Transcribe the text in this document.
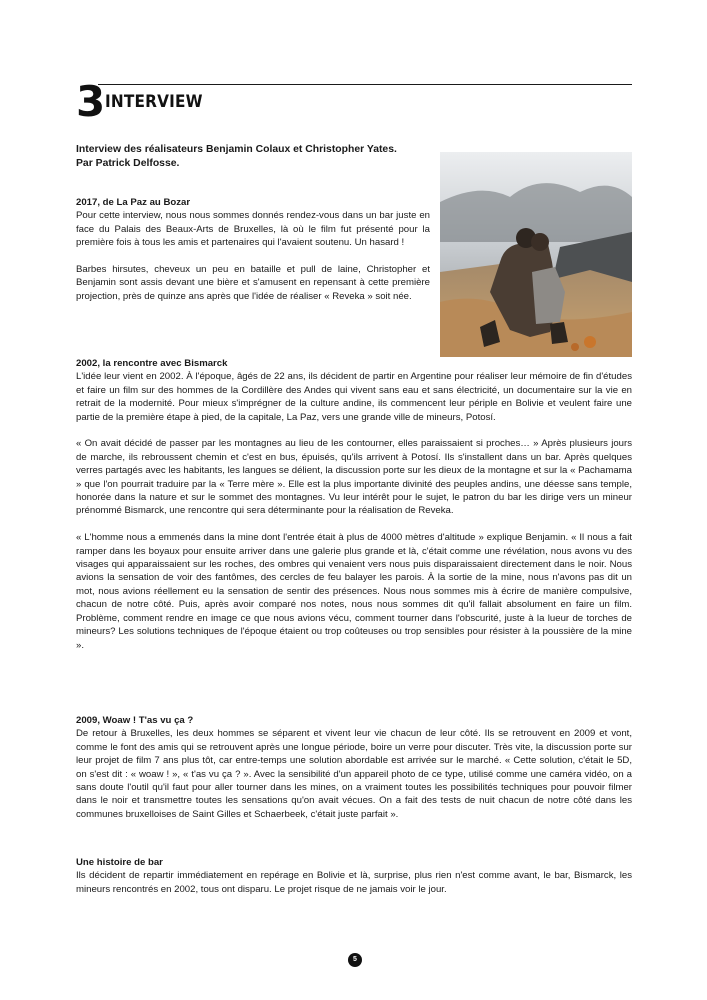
3 INTERVIEW
Interview des réalisateurs Benjamin Colaux et Christopher Yates.
Par Patrick Delfosse.
2017, de La Paz au Bozar

Pour cette interview, nous nous sommes donnés rendez-vous dans un bar juste en face du Palais des Beaux-Arts de Bruxelles, là où le film fut présenté pour la première fois à tous les amis et partenaires qui l'avaient soutenu. Un hasard !

Barbes hirsutes, cheveux un peu en bataille et pull de laine, Christopher et Benjamin sont assis devant une bière et s'amusent en repensant à cette première projection, près de quinze ans après que l'idée de réaliser « Reveka » soit née.

2002, la rencontre avec Bismarck

L'idée leur vient en 2002. À l'époque, âgés de 22 ans, ils décident de partir en Argentine pour réaliser leur mémoire de fin d'études et faire un film sur des hommes de la Cordillère des Andes qui vivent sans eau et sans électricité, un documentaire sur la vie en retrait de la modernité. Pour mieux s'imprégner de la culture andine, ils commencent leur périple en Bolivie et veulent faire une partie de la première étape à pied, de la capitale, La Paz, vers une grande ville de mineurs, Potosí.

« On avait décidé de passer par les montagnes au lieu de les contourner, elles paraissaient si proches… » Après plusieurs jours de marche, ils rebroussent chemin et c'est en bus, épuisés, qu'ils arrivent à Potosí. Ils s'installent dans un bar. Après quelques verres partagés avec les habitants, les langues se délient, la discussion porte sur les dieux de la montagne et sur la « Pachamama » que l'on pourrait traduire par la « Terre mère ». Elle est la plus importante divinité des peuples andins, une déesse sans temple, honorée dans la nature et sur le sommet des montagnes. Vu leur intérêt pour le sujet, le patron du bar les dirige vers un mineur prénommé Bismarck, une rencontre qui sera déterminante pour la réalisation de Reveka.

« L'homme nous a emmenés dans la mine dont l'entrée était à plus de 4000 mètres d'altitude » explique Benjamin. « Il nous a fait ramper dans les boyaux pour ensuite arriver dans une galerie plus grande et là, c'était comme une révélation, nous avons vu des visages qui apparaissaient sur les roches, des ombres qui venaient vers nous puis disparaissaient directement dans le noir. Nous avions la sensation de voir des fantômes, des cercles de feu balayer les parois. À la sortie de la mine, nous n'avons pas dit un mot, nous avions réellement eu la sensation de sentir des présences. Nous nous sommes mis à écrire de manière compulsive, chacun de notre côté. Puis, après avoir comparé nos notes, nous nous sommes dit qu'il fallait absolument en faire un film. Problème, comment rendre en image ce que nous avions vécu, comment tourner dans l'obscurité, juste à la lueur de torches de mineurs? Les solutions techniques de l'époque étaient ou trop coûteuses ou trop sensibles pour résister à la poussière de la mine ».

2009, Woaw ! T'as vu ça ?

De retour à Bruxelles, les deux hommes se séparent et vivent leur vie chacun de leur côté. Ils se retrouvent en 2009 et vont, comme le font des amis qui se retrouvent après une longue période, boire un verre pour discuter. Très vite, la discussion porte sur leur projet de film 7 ans plus tôt, car entre-temps une solution abordable est arrivée sur le marché. « Cette solution, c'était le 5D, on s'est dit : « woaw ! », « t'as vu ça ? ». Avec la sensibilité d'un appareil photo de ce type, utilisé comme une caméra vidéo, on a sans doute l'outil qu'il faut pour aller tourner dans les mines, on a vraiment toutes les possibilités techniques pour pouvoir filmer dans le noir et transmettre toutes les sensations qu'on avait vécues. On a fait des tests de nuit chacun de notre côté dans les communes bruxelloises de Saint Gilles et Schaerbeek, c'était juste parfait ».

Une histoire de bar

Ils décident de repartir immédiatement en repérage en Bolivie et là, surprise, plus rien n'est comme avant, le bar, Bismarck, les mineurs rencontrés en 2002, tous ont disparu. Le projet risque de ne jamais voir le jour.

5
